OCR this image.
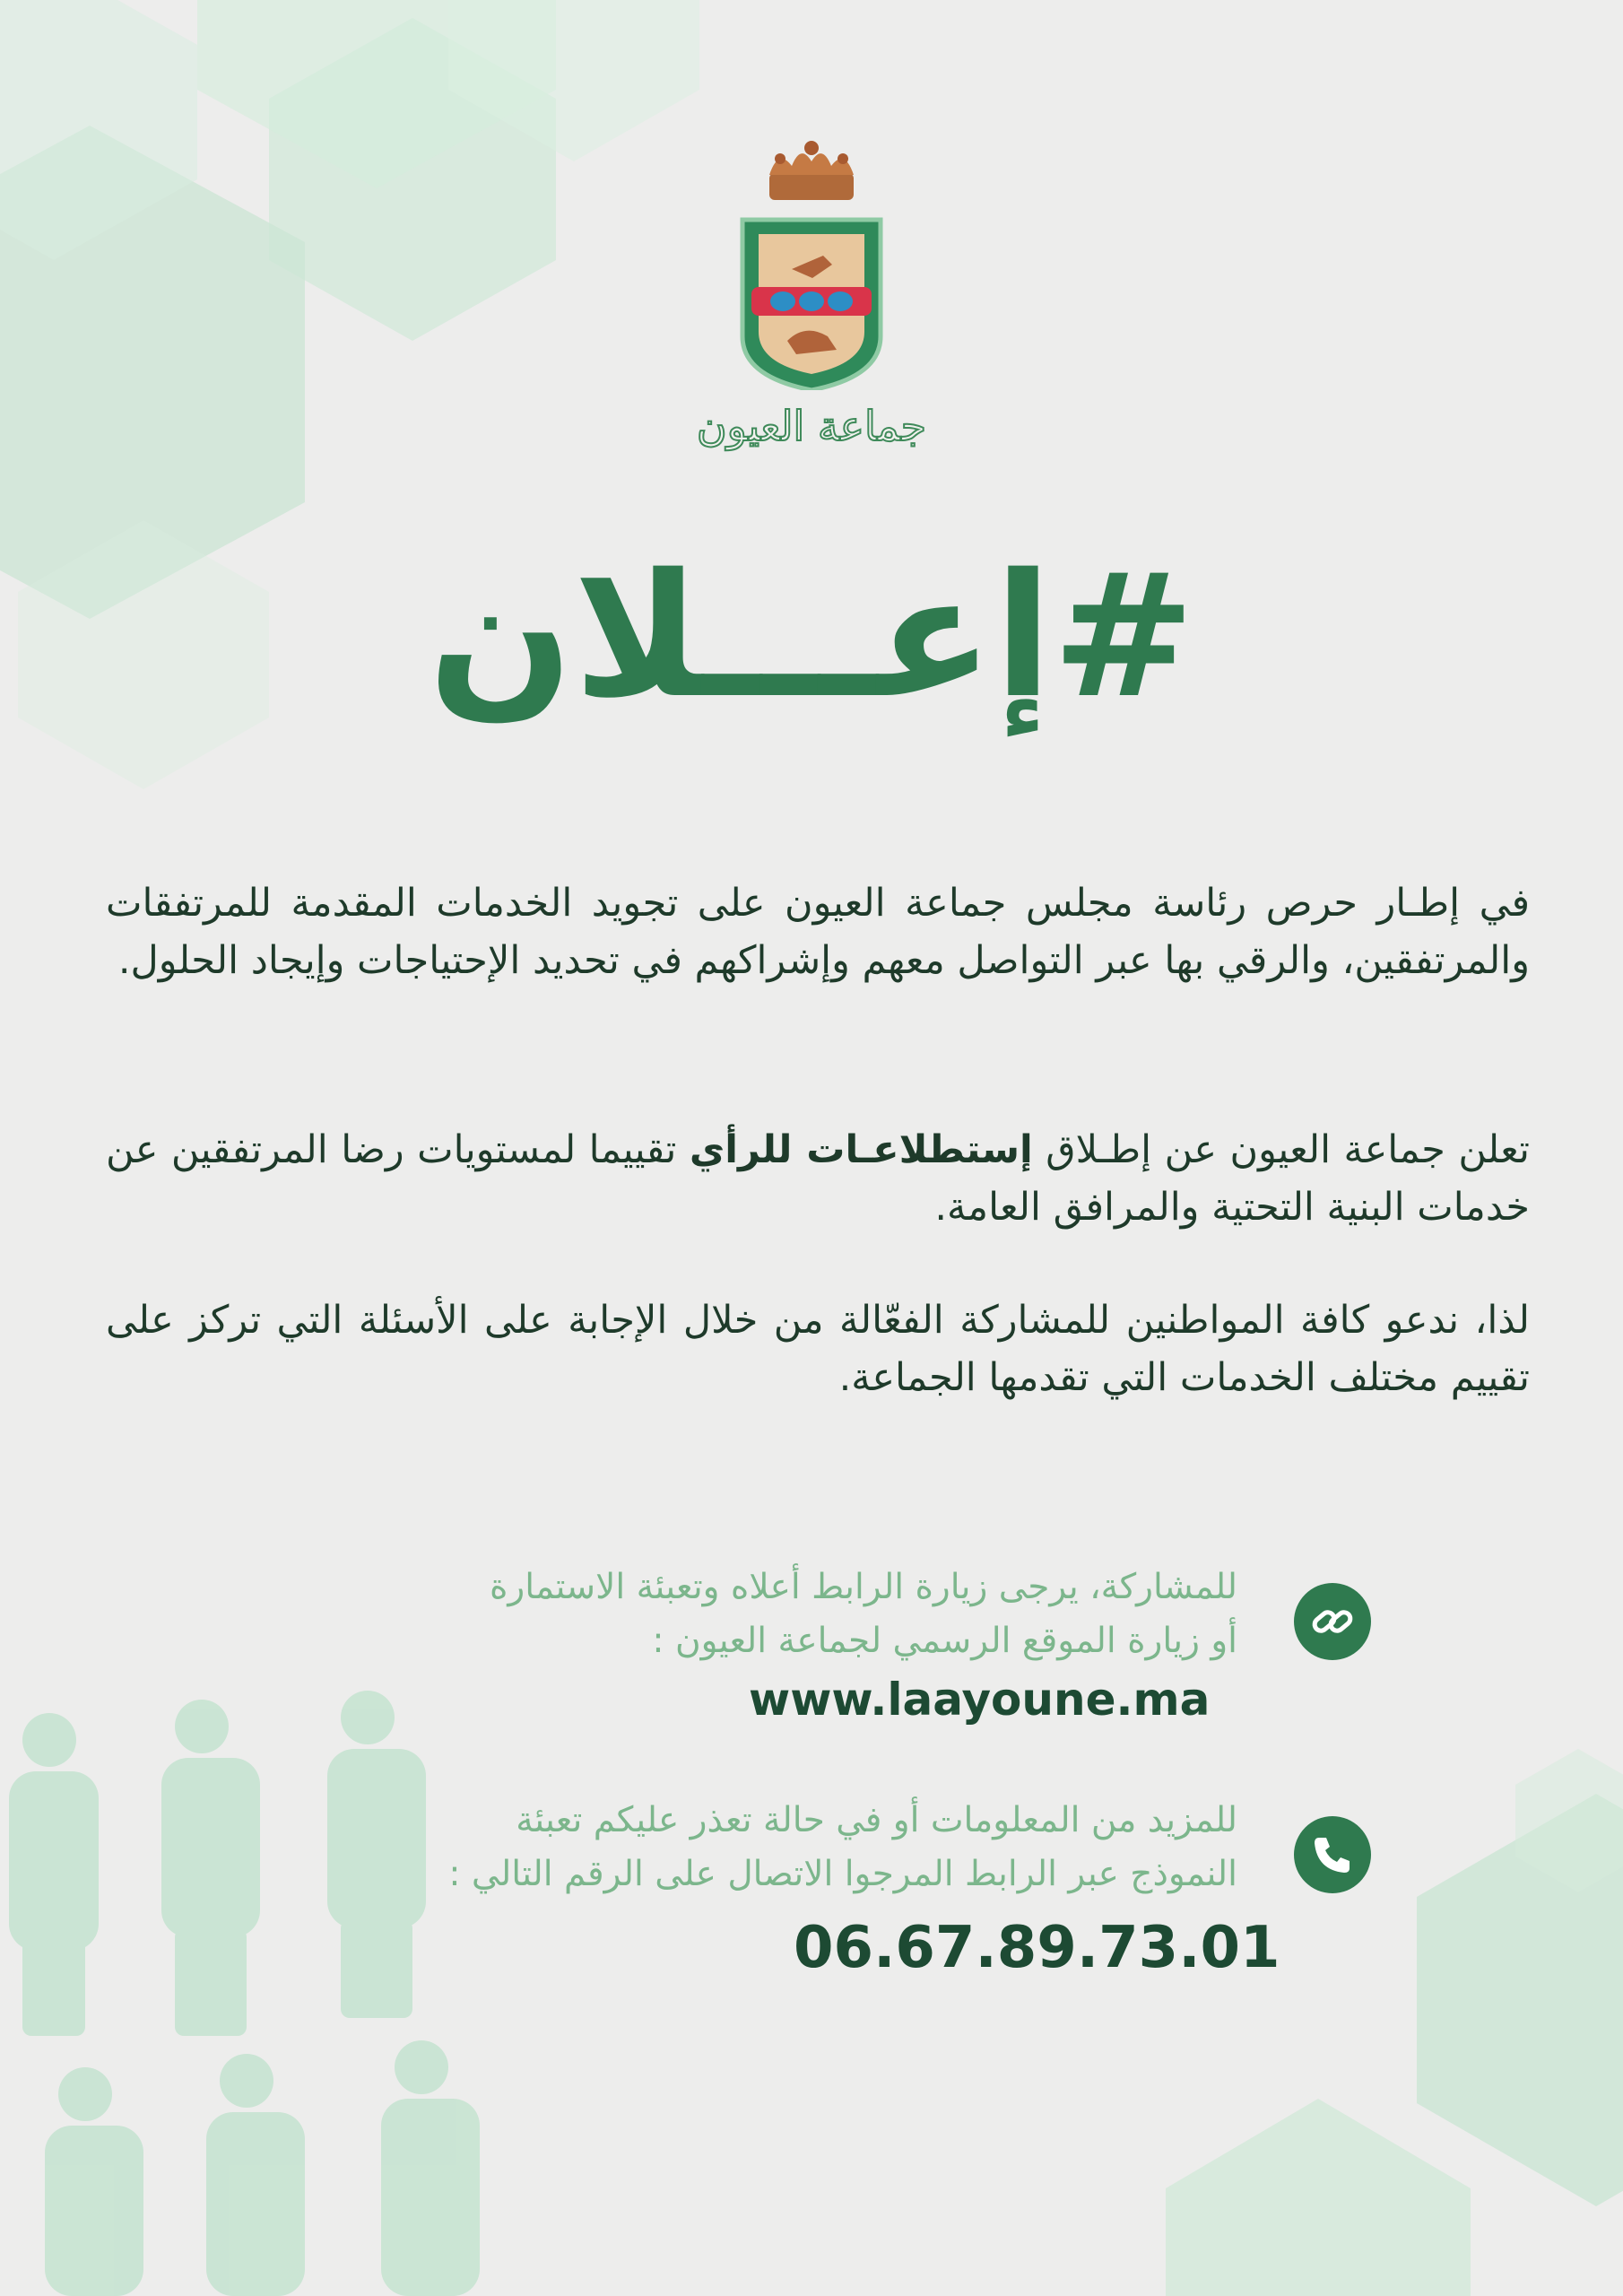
جماعة العيون
#إعـــلان
في إطـار حرص رئاسة مجلس جماعة العيون على تجويد الخدمات المقدمة للمرتفقات والمرتفقين، والرقي بها عبر التواصل معهم وإشراكهم في تحديد الإحتياجات وإيجاد الحلول.
تعلن جماعة العيون عن إطـلاق إستطلاعـات للرأي تقييما لمستويات رضا المرتفقين عن خدمات البنية التحتية والمرافق العامة.
لذا، ندعو كافة المواطنين للمشاركة الفعّالة من خلال الإجابة على الأسئلة التي تركز على تقييم مختلف الخدمات التي تقدمها الجماعة.
للمشاركة، يرجى زيارة الرابط أعلاه وتعبئة الاستمارة
أو زيارة الموقع الرسمي لجماعة العيون :
www.laayoune.ma
للمزيد من المعلومات أو في حالة تعذر عليكم تعبئة
النموذج عبر الرابط المرجوا الاتصال على الرقم التالي :
06.67.89.73.01
